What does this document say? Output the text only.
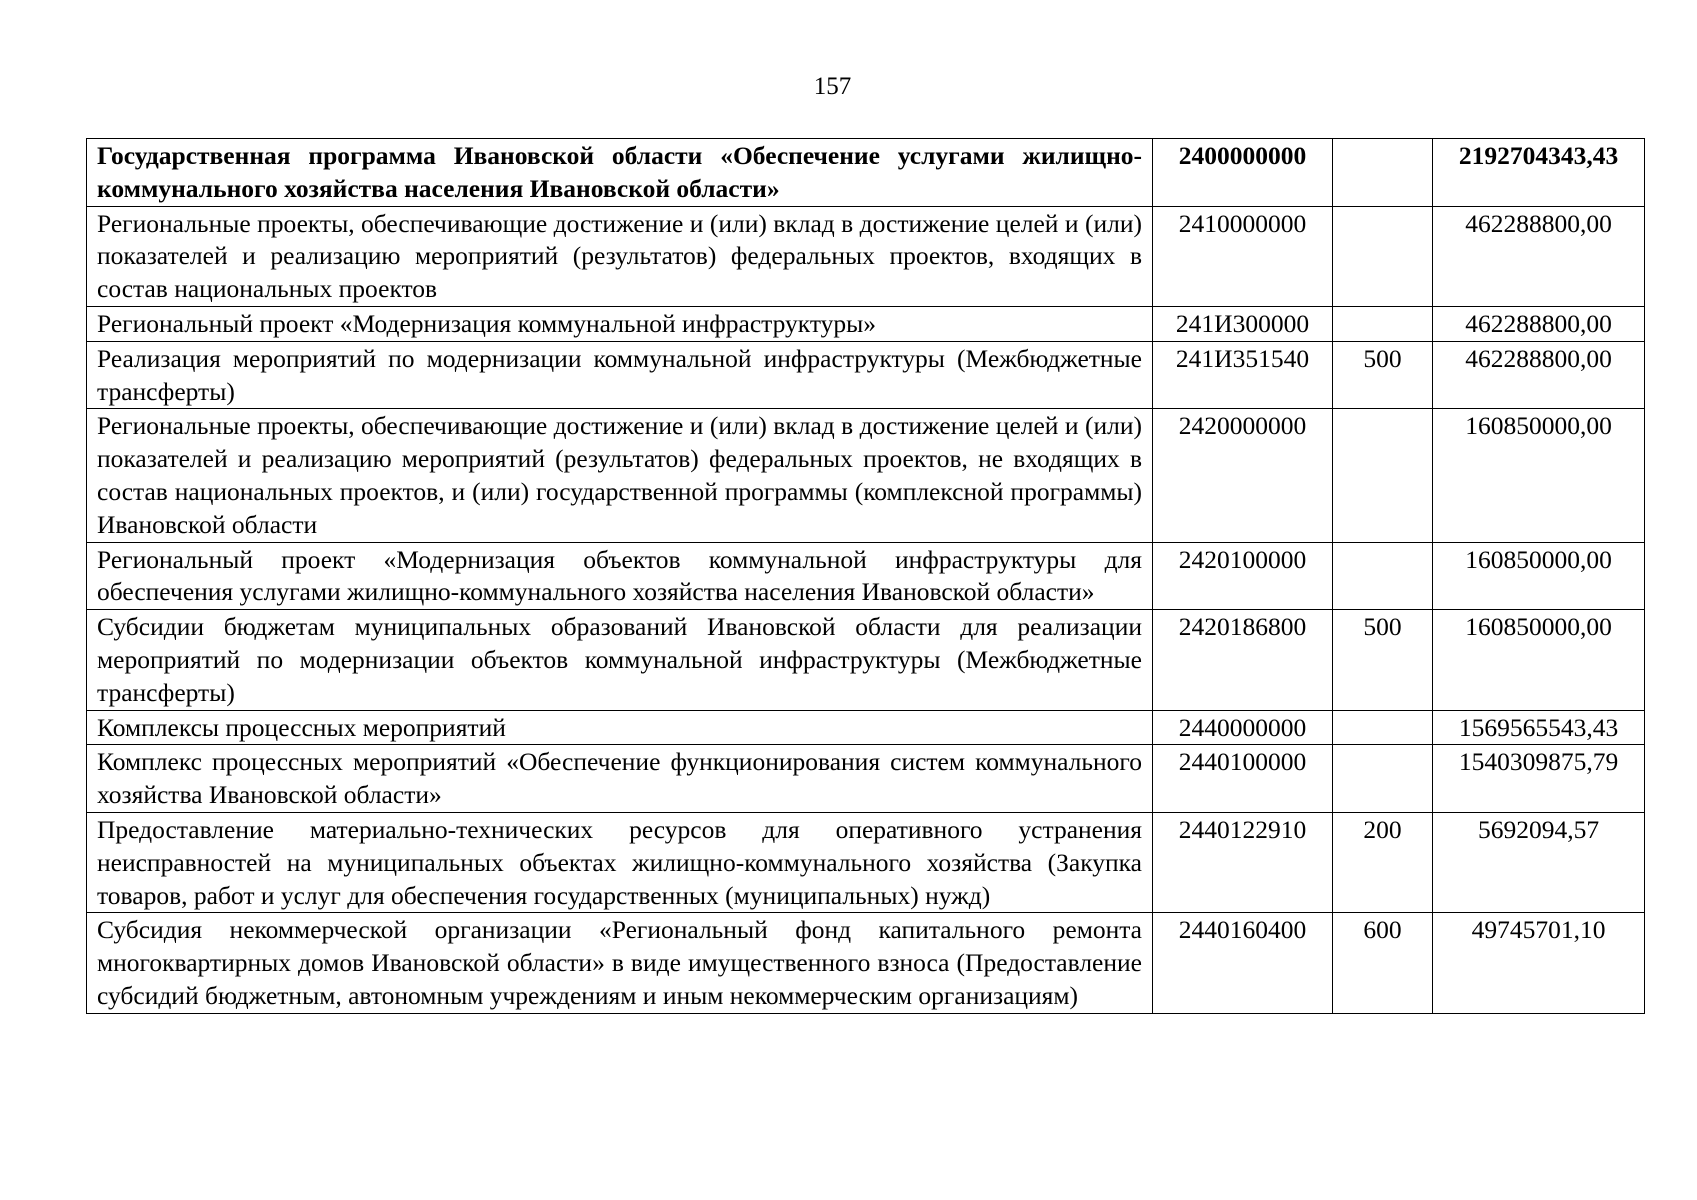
157
Государственная программа Ивановской области «Обеспечение услугами жилищно-коммунального хозяйства населения Ивановской области»	2400000000		2192704343,43
Региональные проекты, обеспечивающие достижение и (или) вклад в достижение целей и (или) показателей и реализацию мероприятий (результатов) федеральных проектов, входящих в состав национальных проектов	2410000000		462288800,00
Региональный проект «Модернизация коммунальной инфраструктуры»	241И300000		462288800,00
Реализация мероприятий по модернизации коммунальной инфраструктуры (Межбюджетные трансферты)	241И351540	500	462288800,00
Региональные проекты, обеспечивающие достижение и (или) вклад в достижение целей и (или) показателей и реализацию мероприятий (результатов) федеральных проектов, не входящих в состав национальных проектов, и (или) государственной программы (комплексной программы) Ивановской области	2420000000		160850000,00
Региональный проект «Модернизация объектов коммунальной инфраструктуры для обеспечения услугами жилищно-коммунального хозяйства населения Ивановской области»	2420100000		160850000,00
Субсидии бюджетам муниципальных образований Ивановской области для реализации мероприятий по модернизации объектов коммунальной инфраструктуры (Межбюджетные трансферты)	2420186800	500	160850000,00
Комплексы процессных мероприятий	2440000000		1569565543,43
Комплекс процессных мероприятий «Обеспечение функционирования систем коммунального хозяйства Ивановской области»	2440100000		1540309875,79
Предоставление материально-технических ресурсов для оперативного устранения неисправностей на муниципальных объектах жилищно-коммунального хозяйства (Закупка товаров, работ и услуг для обеспечения государственных (муниципальных) нужд)	2440122910	200	5692094,57
Субсидия некоммерческой организации «Региональный фонд капитального ремонта многоквартирных домов Ивановской области» в виде имущественного взноса (Предоставление субсидий бюджетным, автономным учреждениям и иным некоммерческим организациям)	2440160400	600	49745701,10
